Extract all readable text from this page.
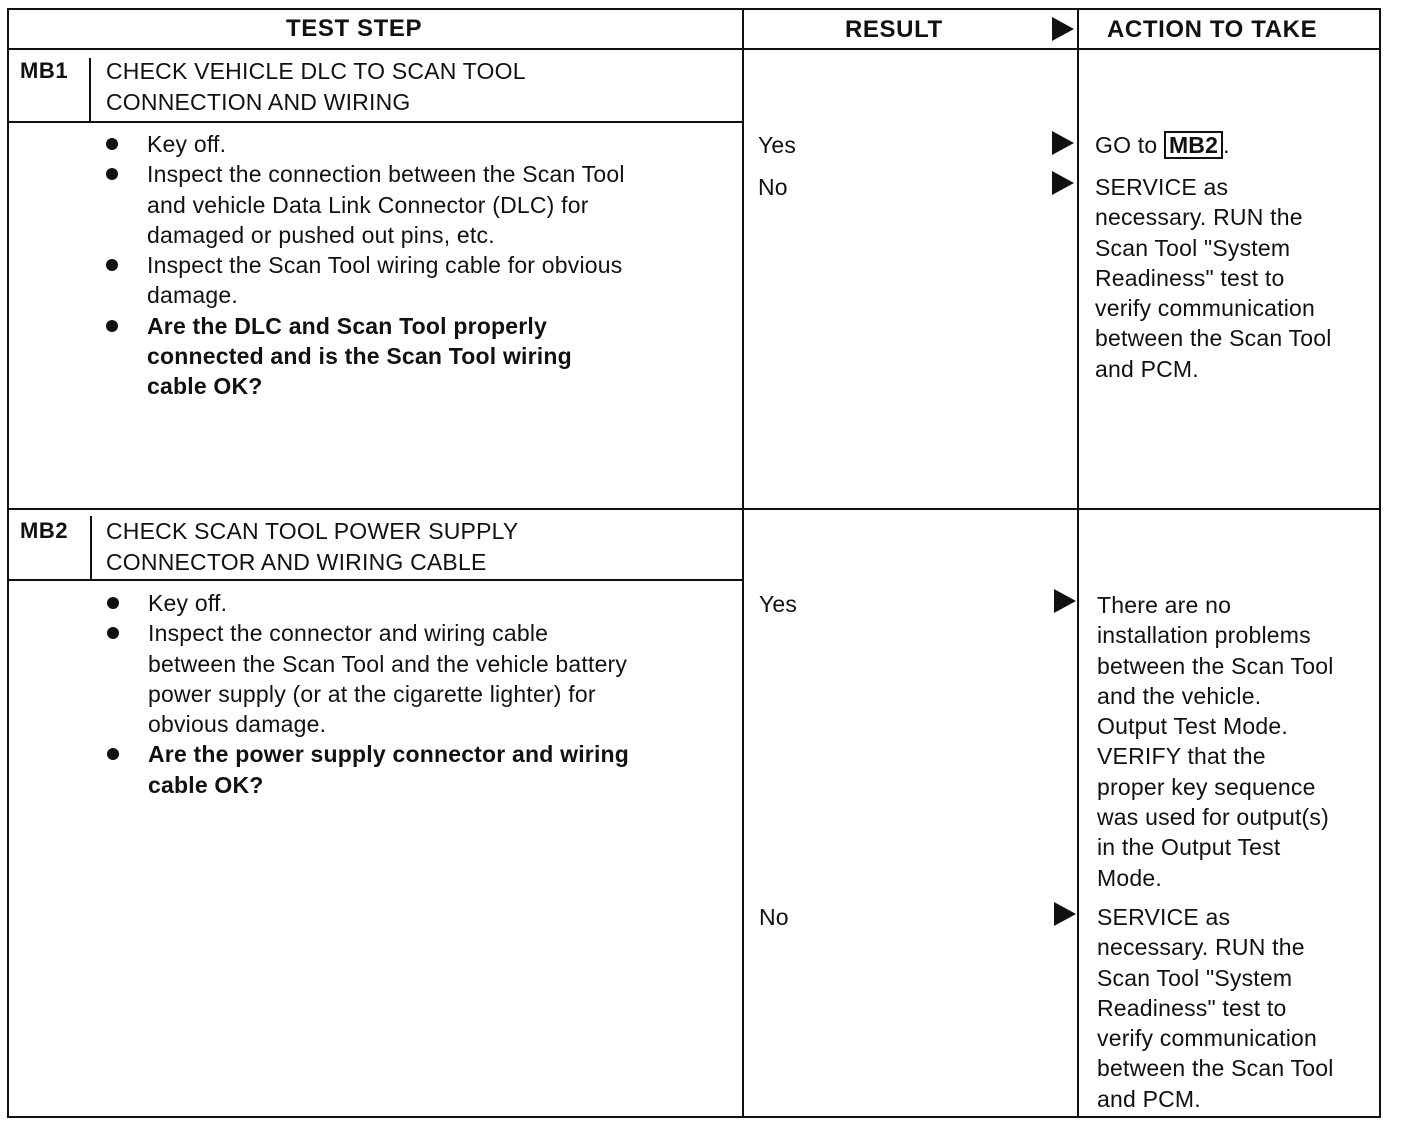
TEST STEP	RESULT	ACTION TO TAKE
MB1 CHECK VEHICLE DLC TO SCAN TOOL
CONNECTION AND WIRING
Key off.
Inspect the connection between the Scan Tool
and vehicle Data Link Connector (DLC) for
damaged or pushed out pins, etc.
Inspect the Scan Tool wiring cable for obvious
damage.
Are the DLC and Scan Tool properly
connected and is the Scan Tool wiring
cable OK?
Yes	GO to MB2 .
No	SERVICE as
necessary. RUN the
Scan Tool "System
Readiness" test to
verify communication
between the Scan Tool
and PCM.
MB2 CHECK SCAN TOOL POWER SUPPLY
CONNECTOR AND WIRING CABLE
Key off.
Inspect the connector and wiring cable
between the Scan Tool and the vehicle battery
power supply (or at the cigarette lighter) for
obvious damage.
Are the power supply connector and wiring
cable OK?
Yes	There are no
installation problems
between the Scan Tool
and the vehicle.
Output Test Mode.
VERIFY that the
proper key sequence
was used for output(s)
in the Output Test
Mode.
No	SERVICE as
necessary. RUN the
Scan Tool "System
Readiness" test to
verify communication
between the Scan Tool
and PCM.
